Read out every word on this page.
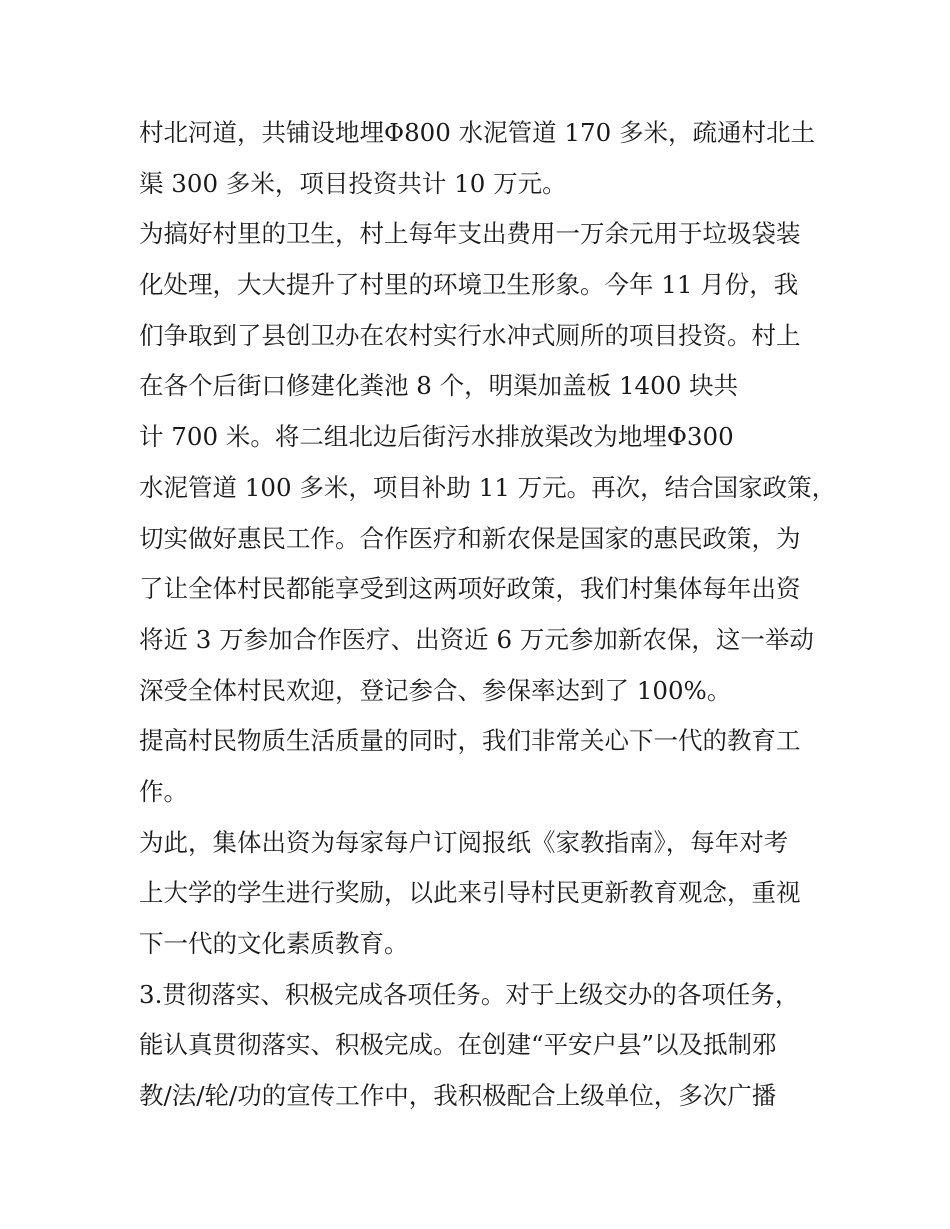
村北河道，共铺设地埋Φ800 水泥管道 170 多米，疏通村北土
渠 300 多米，项目投资共计 10 万元。
为搞好村里的卫生，村上每年支出费用一万余元用于垃圾袋装
化处理，大大提升了村里的环境卫生形象。今年 11 月份，我
们争取到了县创卫办在农村实行水冲式厕所的项目投资。村上
在各个后街口修建化粪池 8 个，明渠加盖板 1400 块共
计 700 米。将二组北边后街污水排放渠改为地埋Φ300
水泥管道 100 多米，项目补助 11 万元。再次，结合国家政策，
切实做好惠民工作。合作医疗和新农保是国家的惠民政策，为
了让全体村民都能享受到这两项好政策，我们村集体每年出资
将近 3 万参加合作医疗、出资近 6 万元参加新农保，这一举动
深受全体村民欢迎，登记参合、参保率达到了 100%。
提高村民物质生活质量的同时，我们非常关心下一代的教育工
作。
为此，集体出资为每家每户订阅报纸《家教指南》，每年对考
上大学的学生进行奖励，以此来引导村民更新教育观念，重视
下一代的文化素质教育。
3.贯彻落实、积极完成各项任务。对于上级交办的各项任务，
能认真贯彻落实、积极完成。在创建“平安户县”以及抵制邪
教/法/轮/功的宣传工作中，我积极配合上级单位，多次广播
